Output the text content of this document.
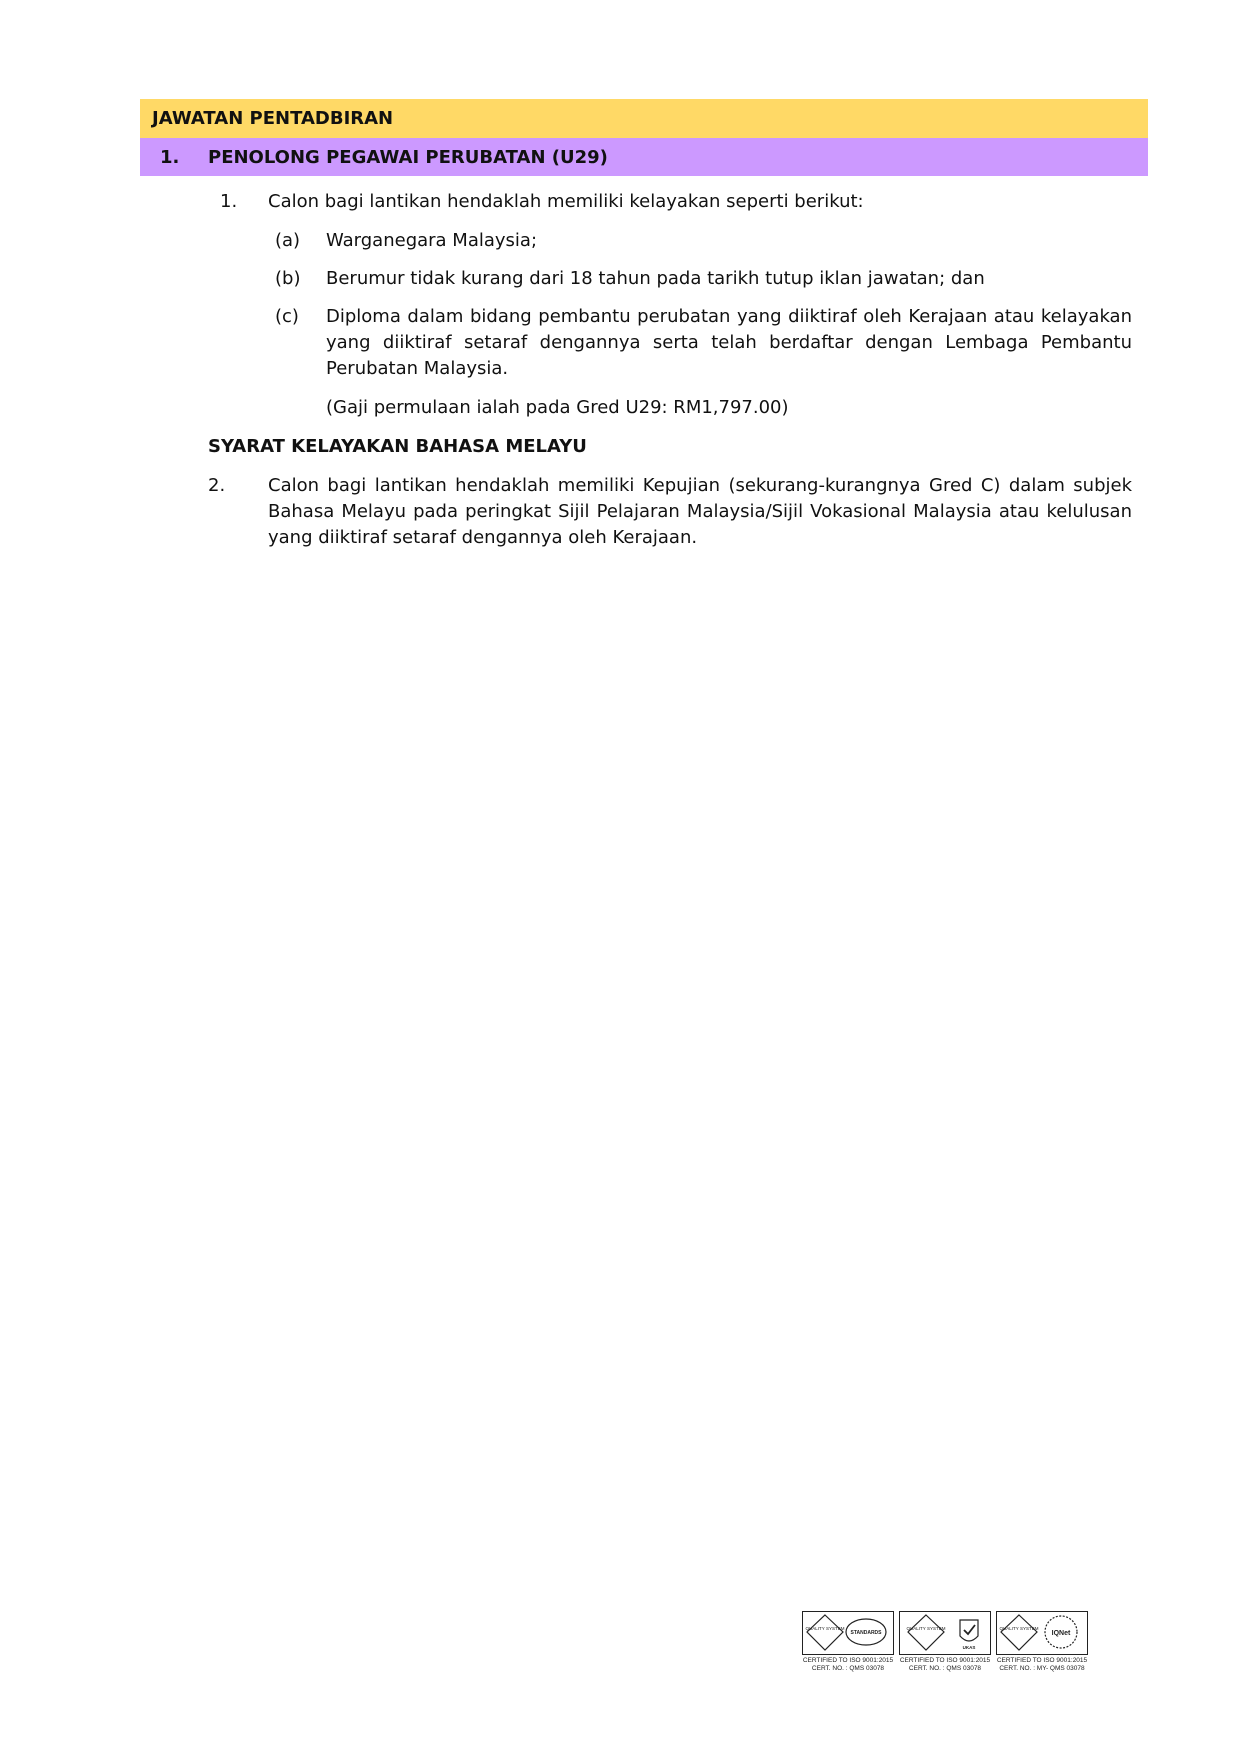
JAWATAN PENTADBIRAN
1.	PENOLONG PEGAWAI PERUBATAN (U29)
1. Calon bagi lantikan hendaklah memiliki kelayakan seperti berikut:
(a) Warganegara Malaysia;
(b) Berumur tidak kurang dari 18 tahun pada tarikh tutup iklan jawatan; dan
(c) Diploma dalam bidang pembantu perubatan yang diiktiraf oleh Kerajaan atau kelayakan yang diiktiraf setaraf dengannya serta telah berdaftar dengan Lembaga Pembantu Perubatan Malaysia.
(Gaji permulaan ialah pada Gred U29: RM1,797.00)
SYARAT KELAYAKAN BAHASA MELAYU
2. Calon bagi lantikan hendaklah memiliki Kepujian (sekurang-kurangnya Gred C) dalam subjek Bahasa Melayu pada peringkat Sijil Pelajaran Malaysia/Sijil Vokasional Malaysia atau kelulusan yang diiktiraf setaraf dengannya oleh Kerajaan.
QUALITY SYSTEM
STANDARDS
CERTIFIED TO ISO 9001:2015
CERT. NO. : QMS 03078
QUALITY SYSTEM
UKAS
CERTIFIED TO ISO 9001:2015
CERT. NO. : QMS 03078
QUALITY SYSTEM
IQNet
CERTIFIED TO ISO 9001:2015
CERT. NO. : MY- QMS 03078
